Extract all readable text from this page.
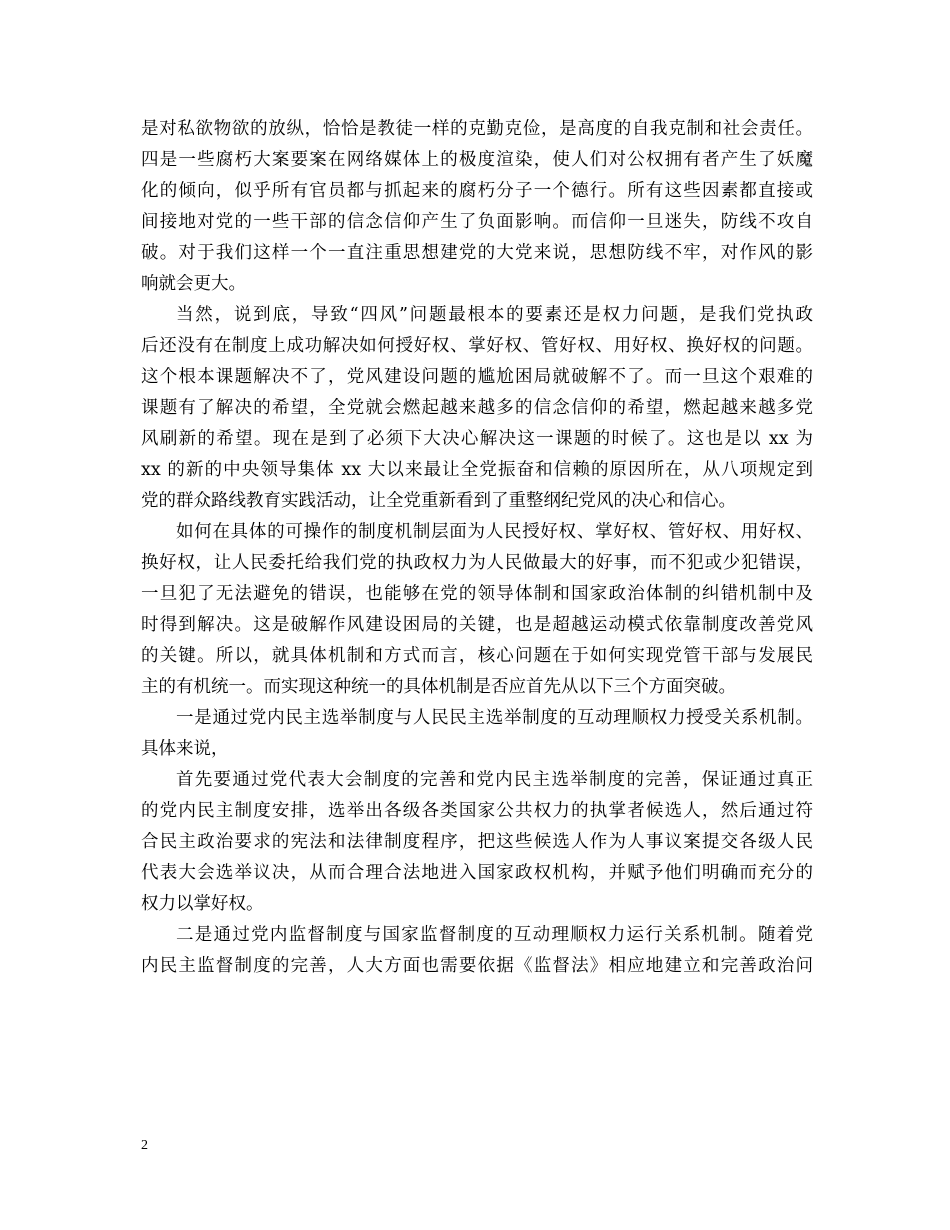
是对私欲物欲的放纵，恰恰是教徒一样的克勤克俭，是高度的自我克制和社会责任。
四是一些腐朽大案要案在网络媒体上的极度渲染，使人们对公权拥有者产生了妖魔
化的倾向，似乎所有官员都与抓起来的腐朽分子一个德行。所有这些因素都直接或
间接地对党的一些干部的信念信仰产生了负面影响。而信仰一旦迷失，防线不攻自
破。对于我们这样一个一直注重思想建党的大党来说，思想防线不牢，对作风的影
响就会更大。
当然，说到底，导致“四风”问题最根本的要素还是权力问题，是我们党执政
后还没有在制度上成功解决如何授好权、掌好权、管好权、用好权、换好权的问题。
这个根本课题解决不了，党风建设问题的尴尬困局就破解不了。而一旦这个艰难的
课题有了解决的希望，全党就会燃起越来越多的信念信仰的希望，燃起越来越多党
风刷新的希望。现在是到了必须下大决心解决这一课题的时候了。这也是以 xx 为
xx 的新的中央领导集体 xx 大以来最让全党振奋和信赖的原因所在，从八项规定到
党的群众路线教育实践活动，让全党重新看到了重整纲纪党风的决心和信心。
如何在具体的可操作的制度机制层面为人民授好权、掌好权、管好权、用好权、
换好权，让人民委托给我们党的执政权力为人民做最大的好事，而不犯或少犯错误，
一旦犯了无法避免的错误，也能够在党的领导体制和国家政治体制的纠错机制中及
时得到解决。这是破解作风建设困局的关键，也是超越运动模式依靠制度改善党风
的关键。所以，就具体机制和方式而言，核心问题在于如何实现党管干部与发展民
主的有机统一。而实现这种统一的具体机制是否应首先从以下三个方面突破。
一是通过党内民主选举制度与人民民主选举制度的互动理顺权力授受关系机制。
具体来说，
首先要通过党代表大会制度的完善和党内民主选举制度的完善，保证通过真正
的党内民主制度安排，选举出各级各类国家公共权力的执掌者候选人，然后通过符
合民主政治要求的宪法和法律制度程序，把这些候选人作为人事议案提交各级人民
代表大会选举议决，从而合理合法地进入国家政权机构，并赋予他们明确而充分的
权力以掌好权。
二是通过党内监督制度与国家监督制度的互动理顺权力运行关系机制。随着党
内民主监督制度的完善，人大方面也需要依据《监督法》相应地建立和完善政治问
2
